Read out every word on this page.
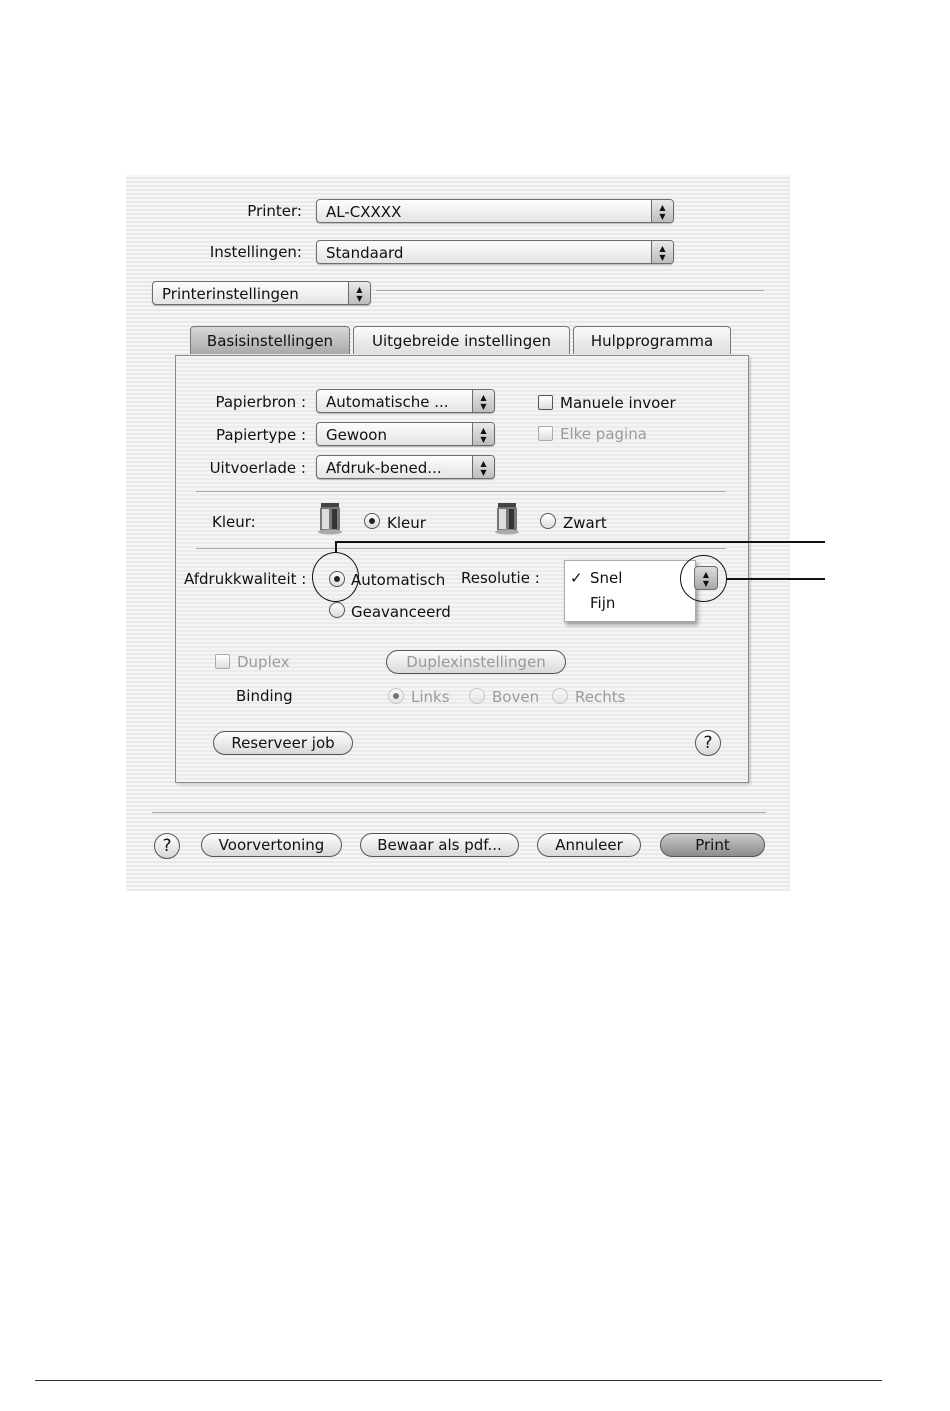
Printer:	AL-CXXXX	▲
▼
Instellingen:	Standaard	▲
▼
Printerinstellingen	▲
▼
Basisinstellingen	Uitgebreide instellingen	Hulpprogramma
Papierbron :	Automatische ...	▲
▼
Papiertype :	Gewoon	▲
▼
Uitvoerlade :	Afdruk-bened...	▲
▼
Manuele invoer
Elke pagina
Kleur:	Kleur	Zwart
Afdrukkwaliteit :	Automatisch
Geavanceerd
Resolutie : ✓ Snel
Fijn
▲
▼
Duplex	Duplexinstellingen
Binding	Links	Boven Rechts
Reserveer job	?
?	Voorvertoning	Bewaar als pdf...	Annuleer	Print
